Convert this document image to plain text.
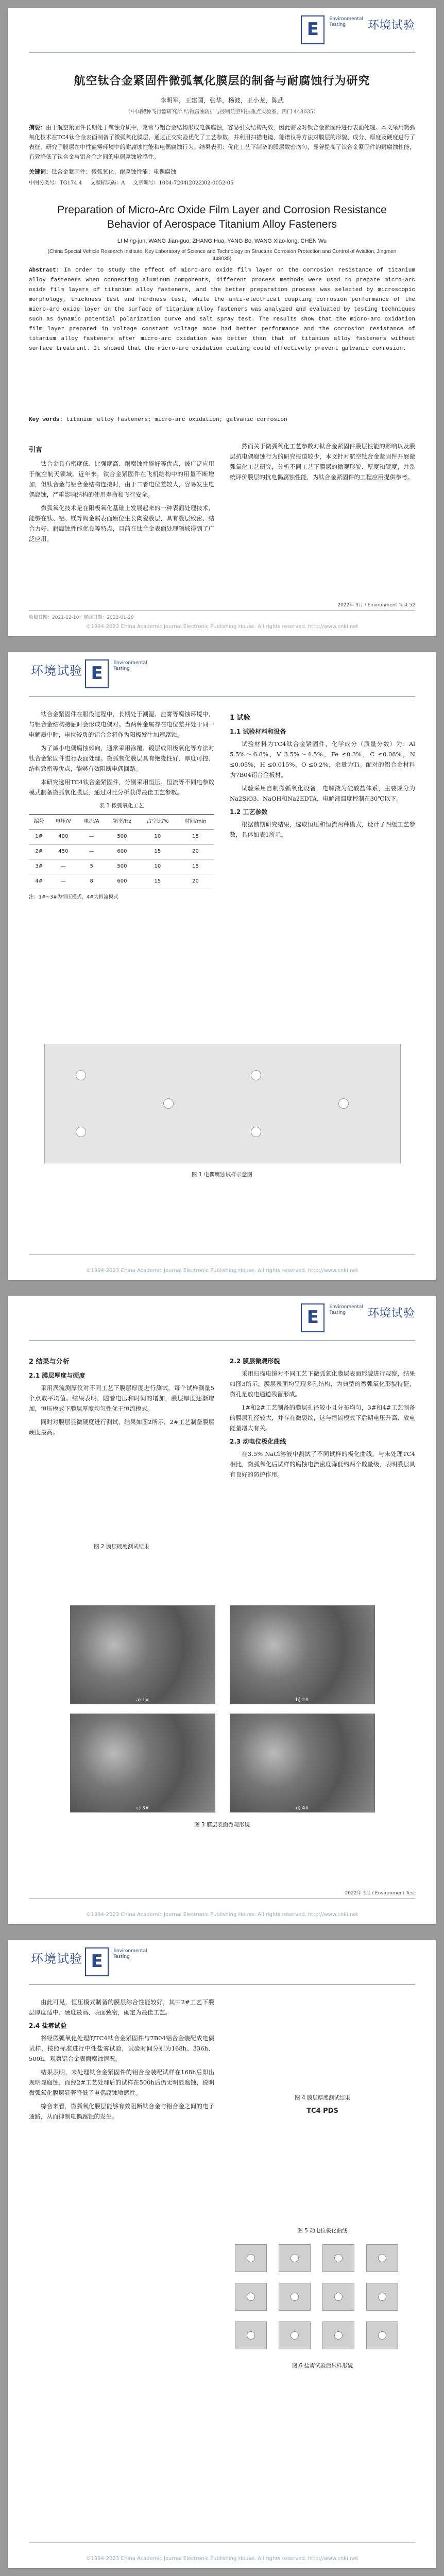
E Environmental
Testing
	环境试验
航空钛合金紧固件微弧氧化膜层的制备与耐腐蚀行为研究
李明军，王建国，张华，杨波，王小龙，陈武
（中国特种飞行器研究所 结构腐蚀防护与控制航空科技重点实验室，荆门 448035）
摘要：由于航空紧固件长期处于腐蚀介质中，常常与铝合金结构形成电偶腐蚀，容易引发结构失效，因此需要对钛合金紧固件进行表面处理。本文采用微弧氧化技术在TC4钛合金表面制备了微弧氧化膜层，通过正交实验优化了工艺参数，并利用扫描电镜、能谱仪等方法对膜层的形貌、成分、厚度及硬度进行了表征，研究了膜层在中性盐雾环境中的耐腐蚀性能和电偶腐蚀行为。结果表明：优化工艺下制备的膜层致密均匀，显著提高了钛合金紧固件的耐腐蚀性能，有效降低了钛合金与铝合金之间的电偶腐蚀敏感性。
关键词：钛合金紧固件；微弧氧化；耐腐蚀性能；电偶腐蚀
中图分类号：TG174.4 文献标识码：A 文章编号：1004-7204(2022)02-0052-05
Preparation of Micro-Arc Oxide Film Layer and Corrosion Resistance Behavior of Aerospace Titanium Alloy Fasteners
LI Ming-jun, WANG Jian-guo, ZHANG Hua, YANG Bo, WANG Xiao-long, CHEN Wu
(China Special Vehicle Research Institute, Key Laboratory of Science and Technology on Structure Corrosion Protection and Control of Aviation, Jingmen 448035)
Abstract: In order to study the effect of micro-arc oxide film layer on the corrosion resistance of titanium alloy fasteners when connecting aluminum components, different process methods were used to prepare micro-arc oxide film layers of titanium alloy fasteners, and the better preparation process was selected by microscopic morphology, thickness test and hardness test, while the anti-electrical coupling corrosion performance of the micro-arc oxide layer on the surface of titanium alloy fasteners was analyzed and evaluated by testing techniques such as dynamic potential polarization curve and salt spray test. The results show that the micro-arc oxidation film layer prepared in voltage constant voltage mode had better performance and the corrosion resistance of titanium alloy fasteners after micro-arc oxidation was better than that of titanium alloy fasteners without surface treatment. It showed that the micro-arc oxidation coating could effectively prevent galvanic corrosion.
Key words: titanium alloy fasteners; micro-arc oxidation; galvanic corrosion
引言

钛合金具有密度低、比强度高、耐腐蚀性能好等优点，被广泛应用于航空航天领域。近年来，钛合金紧固件在飞机结构中的用量不断增加，但钛合金与铝合金结构连接时，由于二者电位差较大，容易发生电偶腐蚀，严重影响结构的使用寿命和飞行安全。

微弧氧化技术是在阳极氧化基础上发展起来的一种表面处理技术，能够在钛、铝、镁等阀金属表面原位生长陶瓷膜层，具有膜层致密、结合力好、耐腐蚀性能优良等特点，目前在钛合金表面处理领域得到了广泛应用。

然而关于微弧氧化工艺参数对钛合金紧固件膜层性能的影响以及膜层抗电偶腐蚀行为的研究报道较少，本文针对航空钛合金紧固件开展微弧氧化工艺研究，分析不同工艺下膜层的微观形貌、厚度和硬度，并系统评价膜层的抗电偶腐蚀性能，为钛合金紧固件的工程应用提供参考。

收稿日期：2021-12-10；修回日期：2022-01-20
2022年 3月 / Environment Test 52
©1994-2023 China Academic Journal Electronic Publishing House. All rights reserved. http://www.cnki.net
环境试验 E Environmental
Testing

钛合金紧固件在服役过程中，长期处于潮湿、盐雾等腐蚀环境中，与铝合金结构接触时会形成电偶对。当两种金属存在电位差并处于同一电解质中时，电位较负的铝合金将作为阳极发生加速腐蚀。

为了减小电偶腐蚀倾向，通常采用涂覆、镀层或阳极氧化等方法对钛合金紧固件进行表面处理。微弧氧化膜层具有绝缘性好、厚度可控、结构致密等优点，能够有效阻断电偶回路。

本研究选用TC4钛合金紧固件，分别采用恒压、恒流等不同电参数模式制备微弧氧化膜层，通过对比分析获得最佳工艺参数。

表 1 微弧氧化工艺
编号	电压/V	电流/A	频率/Hz	占空比/%	时间/min
1#	400	—	500	10	15
2#	450	—	600	15	20
3#	—	5	500	10	15
4#	—	8	600	15	20
注：1#~3#为恒压模式，4#为恒流模式
1 试验
1.1 试验材料和设备

试验材料为TC4钛合金紧固件，化学成分（质量分数）为：Al 5.5%～6.8%，V 3.5%～4.5%，Fe ≤0.3%，C ≤0.08%，N ≤0.05%，H ≤0.015%，O ≤0.2%，余量为Ti。配对的铝合金材料为7B04铝合金板材。

试验采用自制微弧氧化设备，电解液为硅酸盐体系，主要成分为Na2SiO3、NaOH和Na2EDTA，电解液温度控制在30℃以下。

1.2 工艺参数

根据前期研究结果，选取恒压和恒流两种模式，设计了四组工艺参数，具体如表1所示。

图 1 电偶腐蚀试样示意图
©1994-2023 China Academic Journal Electronic Publishing House. All rights reserved. http://www.cnki.net
E Environmental
Testing
	环境试验
2 结果与分析
2.1 膜层厚度与硬度

采用涡流测厚仪对不同工艺下膜层厚度进行测试，每个试样测量5个点取平均值。结果表明，随着电压和时间的增加，膜层厚度逐渐增加，恒压模式下膜层厚度均匀性优于恒流模式。

同时对膜层显微硬度进行测试，结果如图2所示，2#工艺制备膜层硬度最高。

图 2 膜层硬度测试结果
2.2 膜层微观形貌

采用扫描电镜对不同工艺下微弧氧化膜层表面形貌进行观察，结果如图3所示。膜层表面均呈现多孔结构，为典型的微弧氧化形貌特征，微孔是放电通道残留形成。

1#和2#工艺制备的膜层孔径较小且分布均匀，3#和4#工艺制备的膜层孔径较大，并存在微裂纹，这与恒流模式下后期电压升高、放电能量增大有关。

2.3 动电位极化曲线

在3.5% NaCl溶液中测试了不同试样的极化曲线。与未处理TC4相比，微弧氧化后试样的腐蚀电流密度降低约两个数量级，表明膜层具有良好的防护作用。

a) 1#	b) 2#
c) 3#	d) 4#
图 3 膜层表面微观形貌
2022年 3月 / Environment Test
©1994-2023 China Academic Journal Electronic Publishing House. All rights reserved. http://www.cnki.net
环境试验 E Environmental
Testing

由此可见，恒压模式制备的膜层综合性能较好，其中2#工艺下膜层厚度适中、硬度最高、表面致密，确定为最佳工艺。

2.4 盐雾试验

将经微弧氧化处理的TC4钛合金紧固件与7B04铝合金装配成电偶试样，按照标准进行中性盐雾试验，试验时间分别为168h、336h、500h，观察铝合金表面腐蚀情况。

结果表明，未处理钛合金紧固件的铝合金装配试样在168h后即出现明显腐蚀，而经2#工艺处理后的试样在500h后仍无明显腐蚀，说明微弧氧化膜层显著降低了电偶腐蚀敏感性。

综合来看，微弧氧化膜层能够有效阻断钛合金与铝合金之间的电子通路，从而抑制电偶腐蚀的发生。

图 4 膜层厚度测试结果
TC4 PDS
图 5 动电位极化曲线
图 6 盐雾试验后试样形貌
©1994-2023 China Academic Journal Electronic Publishing House. All rights reserved. http://www.cnki.net
